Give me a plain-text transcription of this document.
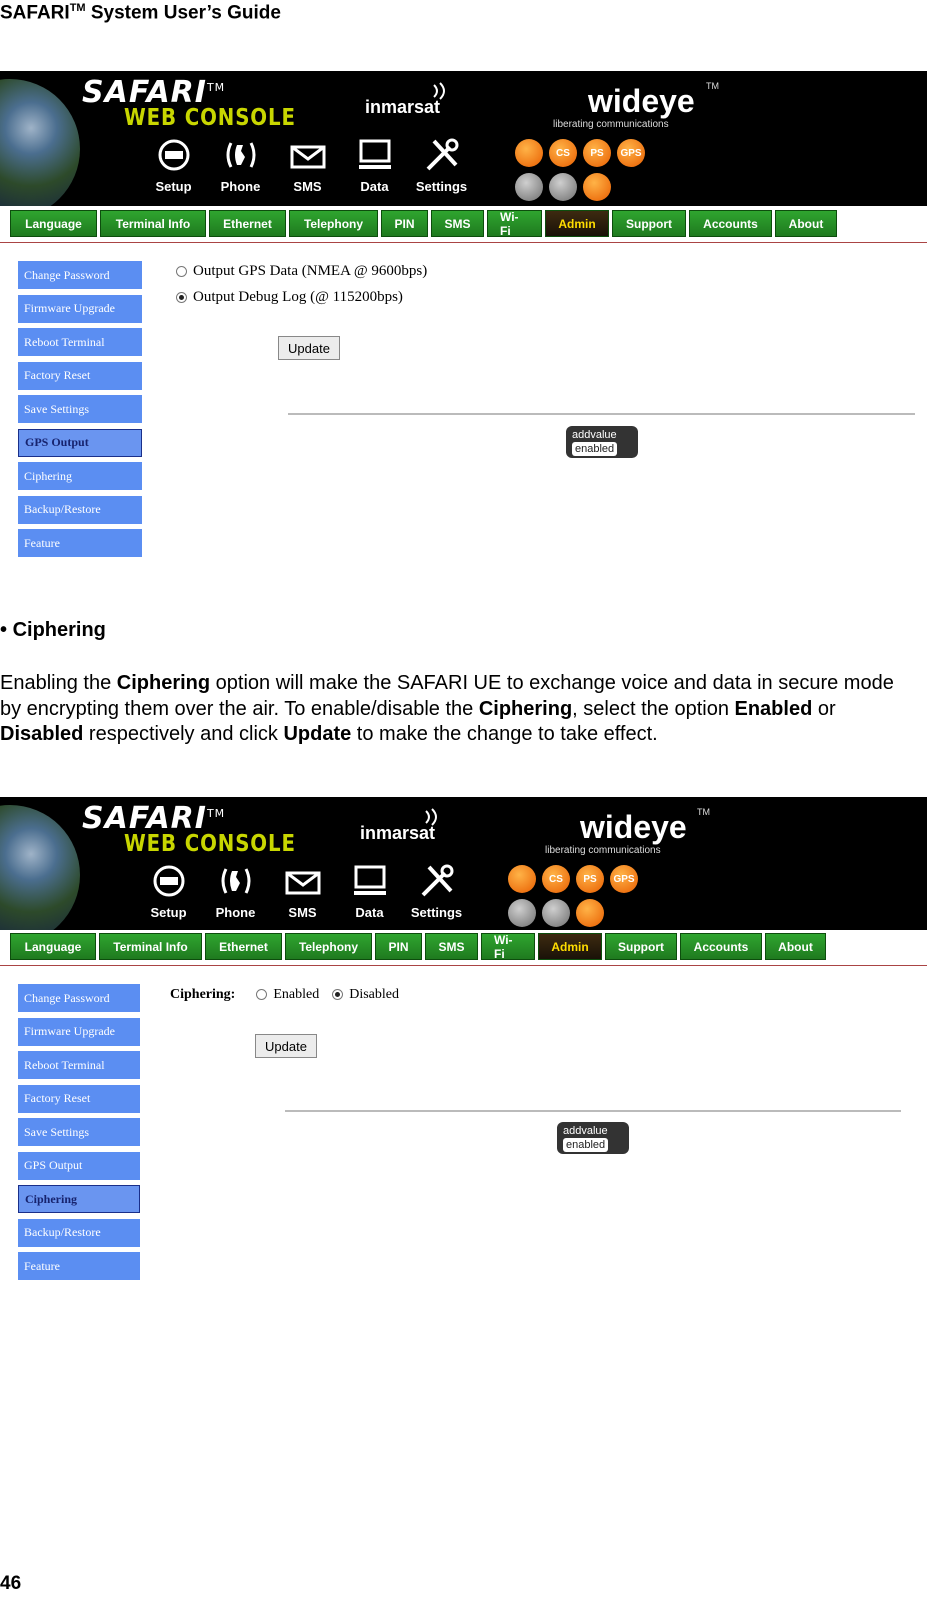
SAFARI™ System User’s Guide
SAFARI™
WEB CONSOLE	inmarsat	wideye TM
liberating communications
Setup Phone	SMS	Data Settings
CS	PS	GPS
Language	Terminal Info	Ethernet	Telephony	PIN	SMS	Wi-Fi	Admin	Support	Accounts	About
Change Password
Firmware Upgrade
Reboot Terminal
Factory Reset
Save Settings
GPS Output
Ciphering
Backup/Restore
Feature
Output GPS Data (NMEA @ 9600bps)
Output Debug Log (@ 115200bps)
Update
addvalue
enabled
• Ciphering
Enabling the Ciphering option will make the SAFARI UE to exchange voice and data in secure mode by encrypting them over the air. To enable/disable the Ciphering, select the option Enabled or Disabled respectively and click Update to make the change to take effect.
SAFARI™
WEB CONSOLE	inmarsat	wideye TM
liberating communications
Setup Phone	SMS	Data Settings
CS	PS	GPS
Language	Terminal Info	Ethernet	Telephony	PIN	SMS	Wi-Fi	Admin	Support	Accounts	About
Change Password
Firmware Upgrade
Reboot Terminal
Factory Reset
Save Settings
GPS Output
Ciphering
Backup/Restore
Feature
Ciphering:	Enabled Disabled
Update
addvalue
enabled
46
